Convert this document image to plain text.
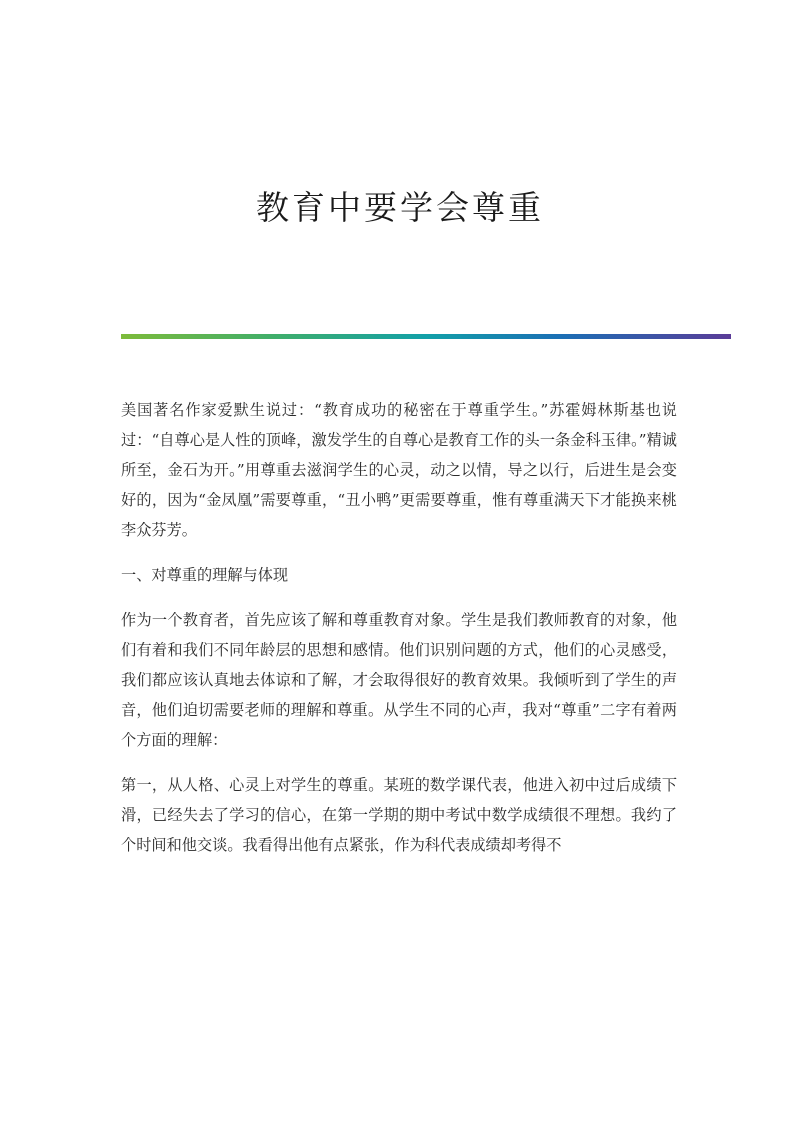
教育中要学会尊重

美国著名作家爱默生说过：“教育成功的秘密在于尊重学生。”苏霍姆林斯基也说过：“自尊心是人性的顶峰，激发学生的自尊心是教育工作的头一条金科玉律。”精诚所至，金石为开。”用尊重去滋润学生的心灵，动之以情，导之以行，后进生是会变好的，因为“金凤凰”需要尊重，“丑小鸭”更需要尊重，惟有尊重满天下才能换来桃李众芬芳。

一、对尊重的理解与体现

作为一个教育者，首先应该了解和尊重教育对象。学生是我们教师教育的对象，他们有着和我们不同年龄层的思想和感情。他们识别问题的方式，他们的心灵感受，我们都应该认真地去体谅和了解，才会取得很好的教育效果。我倾听到了学生的声音，他们迫切需要老师的理解和尊重。从学生不同的心声，我对“尊重”二字有着两个方面的理解：

第一，从人格、心灵上对学生的尊重。某班的数学课代表，他进入初中过后成绩下滑，已经失去了学习的信心，在第一学期的期中考试中数学成绩很不理想。我约了个时间和他交谈。我看得出他有点紧张，作为科代表成绩却考得不
